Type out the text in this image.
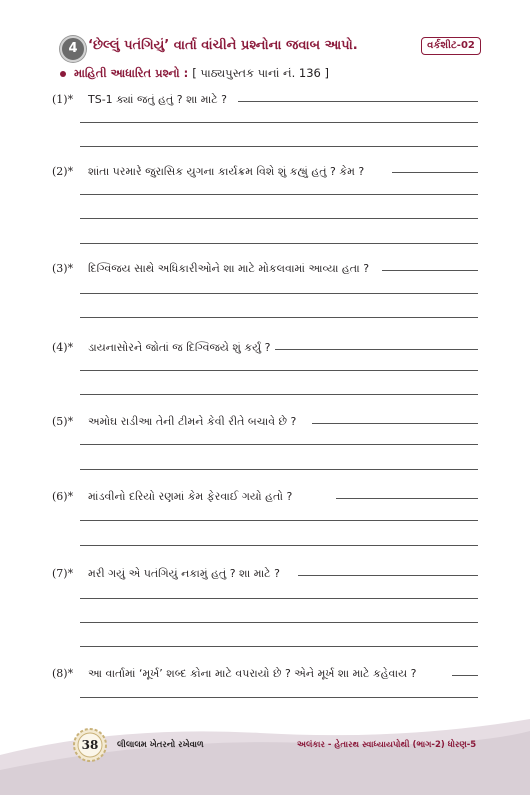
4 ‘છેલ્લું પતંગિયું’ વાર્તા વાંચીને પ્રશ્નોના જવાબ આપો.	વર્કશીટ-02
માહિતી આધારિત પ્રશ્નો : [ પાઠ્યપુસ્તક પાનાં નં. 136 ]
(1)* TS-1 ક્યાં જતું હતું ? શા માટે ?
(2)* શાંતા પરમારે જુરાસિક યુગના કાર્યક્રમ વિશે શું કહ્યું હતું ? કેમ ?
(3)* દિગ્વિજય સાથે અધિકારીઓને શા માટે મોકલવામાં આવ્યા હતા ?
(4)* ડાયનાસોરને જોતાં જ દિગ્વિજયે શું કર્યું ?
(5)* અમોઘ રાડીઆ તેની ટીમને કેવી રીતે બચાવે છે ?
(6)* માંડવીનો દરિયો રણમાં કેમ ફેરવાઈ ગયો હતો ?
(7)* મરી ગયું એ પતંગિયું નકામું હતું ? શા માટે ?
(8)* આ વાર્તામાં ‘મૂર્ખ’ શબ્દ કોના માટે વપરાયો છે ? એને મૂર્ખ શા માટે કહેવાય ?
38	લીલાલમ ખેતરનો રખેવાળ	અલંકાર - હેતારથ સ્વાધ્યાયપોથી (ભાગ-2) ધોરણ-5
